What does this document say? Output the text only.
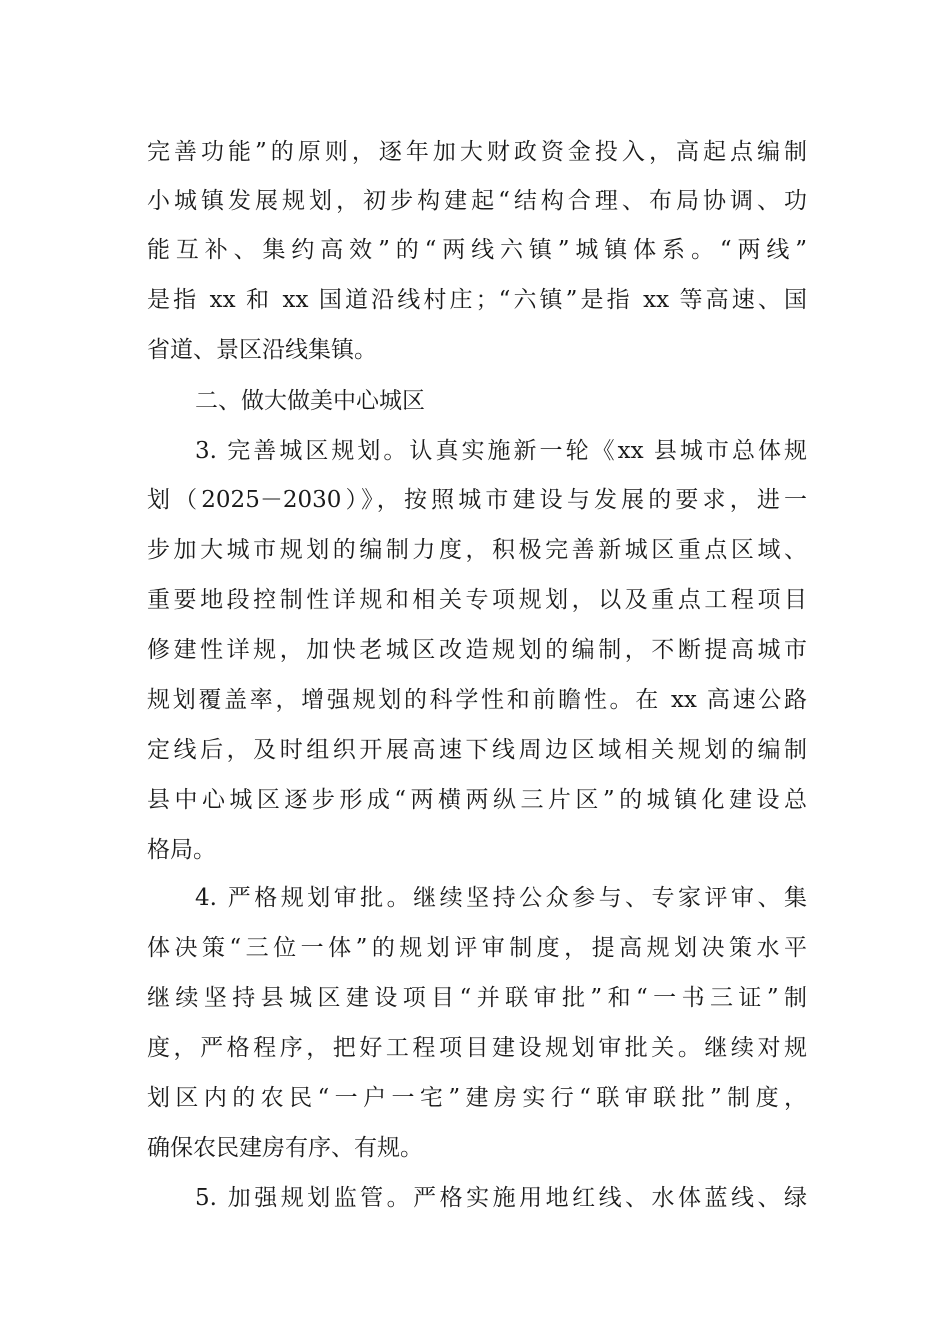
完善功能”的原则，逐年加大财政资金投入，高起点编制
小城镇发展规划，初步构建起“结构合理、布局协调、功
能互补、集约高效”的“两线六镇”城镇体系。“两线”
是指 xx 和 xx 国道沿线村庄；“六镇”是指 xx 等高速、国
省道、景区沿线集镇。
二、做大做美中心城区
3. 完善城区规划。认真实施新一轮《xx 县城市总体规
划（2025－2030）》，按照城市建设与发展的要求，进一
步加大城市规划的编制力度，积极完善新城区重点区域、
重要地段控制性详规和相关专项规划，以及重点工程项目
修建性详规，加快老城区改造规划的编制，不断提高城市
规划覆盖率，增强规划的科学性和前瞻性。在 xx 高速公路
定线后，及时组织开展高速下线周边区域相关规划的编制
县中心城区逐步形成“两横两纵三片区”的城镇化建设总
格局。
4. 严格规划审批。继续坚持公众参与、专家评审、集
体决策“三位一体”的规划评审制度，提高规划决策水平
继续坚持县城区建设项目“并联审批”和“一书三证”制
度，严格程序，把好工程项目建设规划审批关。继续对规
划区内的农民“一户一宅”建房实行“联审联批”制度，
确保农民建房有序、有规。
5. 加强规划监管。严格实施用地红线、水体蓝线、绿
